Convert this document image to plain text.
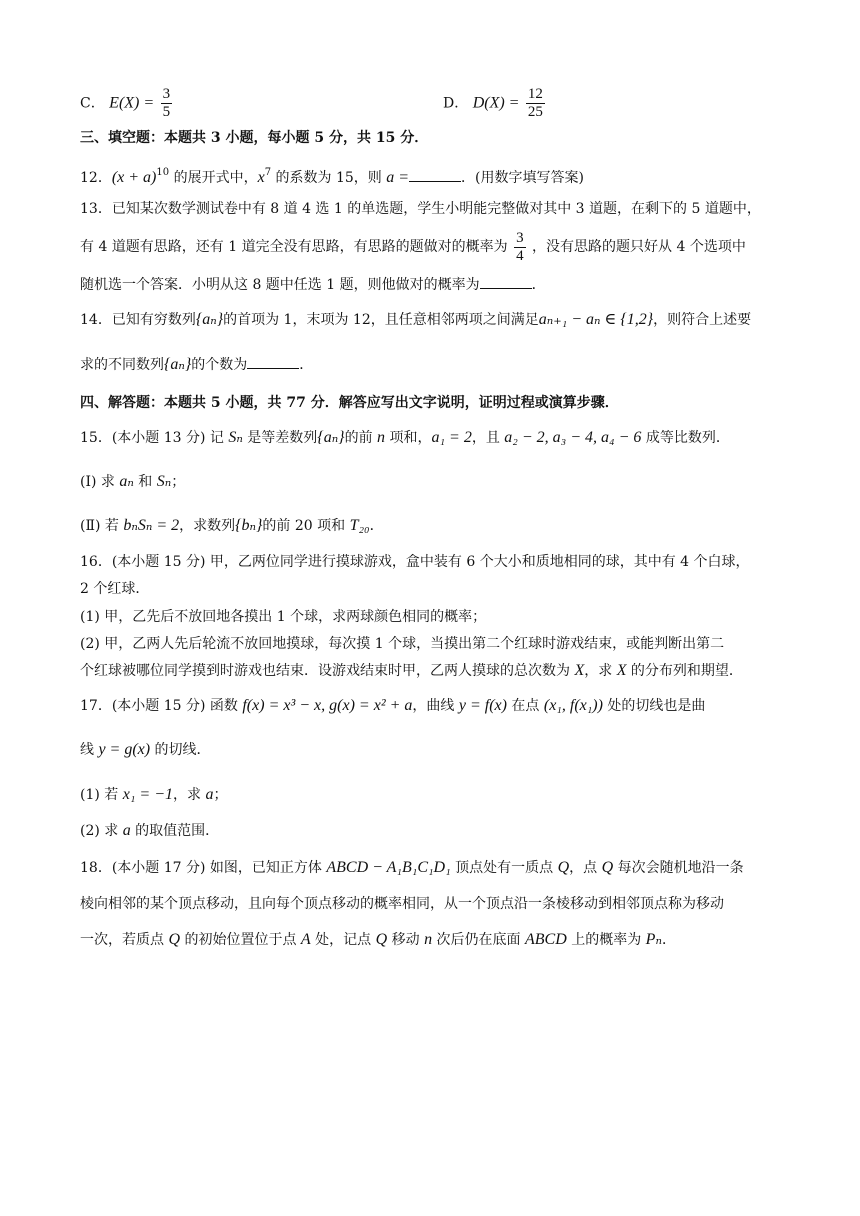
C． $E(X) = \frac{3}{5}$	D． $D(X) = \frac{12}{25}$
三、填空题：本题共 3 小题，每小题 5 分，共 15 分．
12．$(x + a)^{10}$ 的展开式中，$x^7$ 的系数为 15，则 a =	．(用数字填写答案)
13．已知某次数学测试卷中有 8 道 4 选 1 的单选题，学生小明能完整做对其中 3 道题，在剩下的 5 道题中，
有 4 道题有思路，还有 1 道完全没有思路，有思路的题做对的概率为 $\frac{3}{4}$ ，没有思路的题只好从 4 个选项中
随机选一个答案．小明从这 8 题中任选 1 题，则他做对的概率为	．
14．已知有穷数列{aₙ}的首项为 1，末项为 12，且任意相邻两项之间满足aₙ₊₁ − aₙ ∈ {1,2}，则符合上述要
求的不同数列{aₙ}的个数为	．
四、解答题：本题共 5 小题，共 77 分．解答应写出文字说明，证明过程或演算步骤．
15．(本小题 13 分) 记 Sₙ 是等差数列{aₙ}的前 n 项和，a₁ = 2，且 a₂ − 2, a₃ − 4, a₄ − 6 成等比数列．
(Ⅰ) 求 aₙ 和 Sₙ；
(Ⅱ) 若 bₙSₙ = 2，求数列{bₙ}的前 20 项和 T₂₀．
16．(本小题 15 分) 甲，乙两位同学进行摸球游戏，盒中装有 6 个大小和质地相同的球，其中有 4 个白球，
2 个红球．
(1) 甲，乙先后不放回地各摸出 1 个球，求两球颜色相同的概率；
(2) 甲，乙两人先后轮流不放回地摸球，每次摸 1 个球，当摸出第二个红球时游戏结束，或能判断出第二
个红球被哪位同学摸到时游戏也结束．设游戏结束时甲，乙两人摸球的总次数为 X，求 X 的分布列和期望．
17．(本小题 15 分) 函数 f(x) = x³ − x, g(x) = x² + a，曲线 y = f(x) 在点 (x₁, f(x₁)) 处的切线也是曲
线 y = g(x) 的切线．
(1) 若 x₁ = −1，求 a；
(2) 求 a 的取值范围．
18．(本小题 17 分) 如图，已知正方体 ABCD − A₁B₁C₁D₁ 顶点处有一质点 Q，点 Q 每次会随机地沿一条
棱向相邻的某个顶点移动，且向每个顶点移动的概率相同，从一个顶点沿一条棱移动到相邻顶点称为移动
一次，若质点 Q 的初始位置位于点 A 处，记点 Q 移动 n 次后仍在底面 ABCD 上的概率为 Pₙ．
